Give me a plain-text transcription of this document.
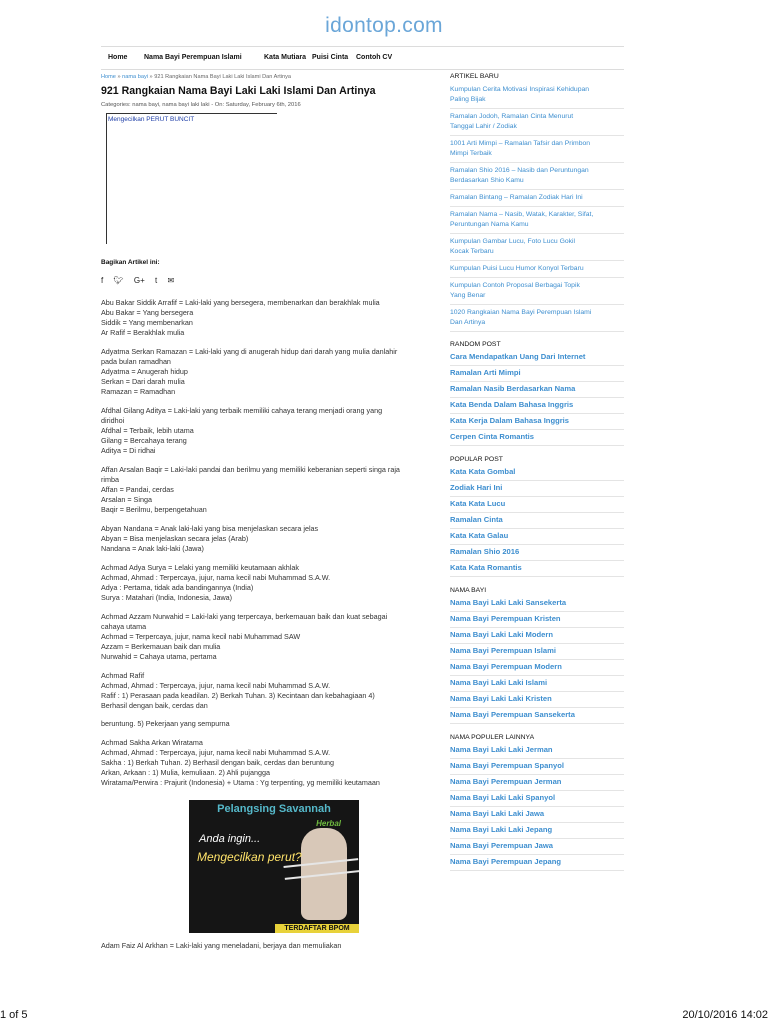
idontop.com
Home Nama Bayi Perempuan Islami	Kata Mutiara Puisi Cinta Contoh CV
Home » nama bayi » 921 Rangkaian Nama Bayi Laki Laki Islami Dan Artinya
921 Rangkaian Nama Bayi Laki Laki Islami Dan Artinya
Categories: nama bayi, nama bayi laki laki - On: Saturday, February 6th, 2016
Mengecilkan PERUT BUNCIT
Bagikan Artikel ini:
f 🐦︎ G+ t ✉
Abu Bakar Siddik Arrafif = Laki-laki yang bersegera, membenarkan dan berakhlak mulia
Abu Bakar = Yang bersegera
Siddik = Yang membenarkan
Ar Rafif = Berakhlak mulia
Adyatma Serkan Ramazan = Laki-laki yang di anugerah hidup dari darah yang mulia danlahir
pada bulan ramadhan
Adyatma = Anugerah hidup
Serkan = Dari darah mulia
Ramazan = Ramadhan
Afdhal Gilang Aditya = Laki-laki yang terbaik memiliki cahaya terang menjadi orang yang
diridhoi
Afdhal = Terbaik, lebih utama
Gilang = Bercahaya terang
Aditya = Di ridhai
Affan Arsalan Baqir = Laki-laki pandai dan berilmu yang memiliki keberanian seperti singa raja
rimba
Affan = Pandai, cerdas
Arsalan = Singa
Baqir = Berilmu, berpengetahuan
Abyan Nandana = Anak laki-laki yang bisa menjelaskan secara jelas
Abyan = Bisa menjelaskan secara jelas (Arab)
Nandana = Anak laki-laki (Jawa)
Achmad Adya Surya = Lelaki yang memiliki keutamaan akhlak
Achmad, Ahmad : Terpercaya, jujur, nama kecil nabi Muhammad S.A.W.
Adya : Pertama, tidak ada bandingannya (India)
Surya : Matahari (India, Indonesia, Jawa)
Achmad Azzam Nurwahid = Laki-laki yang terpercaya, berkemauan baik dan kuat sebagai
cahaya utama
Achmad = Terpercaya, jujur, nama kecil nabi Muhammad SAW
Azzam = Berkemauan baik dan mulia
Nurwahid = Cahaya utama, pertama
Achmad Rafif
Achmad, Ahmad : Terpercaya, jujur, nama kecil nabi Muhammad S.A.W.
Rafif : 1) Perasaan pada keadilan. 2) Berkah Tuhan. 3) Kecintaan dan kebahagiaan 4)
Berhasil dengan baik, cerdas dan
beruntung. 5) Pekerjaan yang sempurna
Achmad Sakha Arkan Wiratama
Achmad, Ahmad : Terpercaya, jujur, nama kecil nabi Muhammad S.A.W.
Sakha : 1) Berkah Tuhan. 2) Berhasil dengan baik, cerdas dan beruntung
Arkan, Arkaan : 1) Mulia, kemuliaan. 2) Ahli pujangga
Wiratama/Perwira : Prajurit (Indonesia) + Utama : Yg terpenting, yg memiliki keutamaan
Pelangsing Savannah
Herbal
Anda ingin...
Mengecilkan perut?
TERDAFTAR BPOM
Adam Faiz Al Arkhan = Laki-laki yang meneladani, berjaya dan memuliakan
ARTIKEL BARU
Kumpulan Cerita Motivasi Inspirasi Kehidupan
Paling Bijak
Ramalan Jodoh, Ramalan Cinta Menurut
Tanggal Lahir / Zodiak
1001 Arti Mimpi – Ramalan Tafsir dan Primbon
Mimpi Terbaik
Ramalan Shio 2016 – Nasib dan Peruntungan
Berdasarkan Shio Kamu
Ramalan Bintang – Ramalan Zodiak Hari Ini
Ramalan Nama – Nasib, Watak, Karakter, Sifat,
Peruntungan Nama Kamu
Kumpulan Gambar Lucu, Foto Lucu Gokil
Kocak Terbaru
Kumpulan Puisi Lucu Humor Konyol Terbaru
Kumpulan Contoh Proposal Berbagai Topik
Yang Benar
1020 Rangkaian Nama Bayi Perempuan Islami
Dan Artinya
RANDOM POST
Cara Mendapatkan Uang Dari Internet
Ramalan Arti Mimpi
Ramalan Nasib Berdasarkan Nama
Kata Benda Dalam Bahasa Inggris
Kata Kerja Dalam Bahasa Inggris
Cerpen Cinta Romantis
POPULAR POST
Kata Kata Gombal
Zodiak Hari Ini
Kata Kata Lucu
Ramalan Cinta
Kata Kata Galau
Ramalan Shio 2016
Kata Kata Romantis
NAMA BAYI
Nama Bayi Laki Laki Sansekerta
Nama Bayi Perempuan Kristen
Nama Bayi Laki Laki Modern
Nama Bayi Perempuan Islami
Nama Bayi Perempuan Modern
Nama Bayi Laki Laki Islami
Nama Bayi Laki Laki Kristen
Nama Bayi Perempuan Sansekerta
NAMA POPULER LAINNYA
Nama Bayi Laki Laki Jerman
Nama Bayi Perempuan Spanyol
Nama Bayi Perempuan Jerman
Nama Bayi Laki Laki Spanyol
Nama Bayi Laki Laki Jawa
Nama Bayi Laki Laki Jepang
Nama Bayi Perempuan Jawa
Nama Bayi Perempuan Jepang
1 of 5	20/10/2016 14:02
